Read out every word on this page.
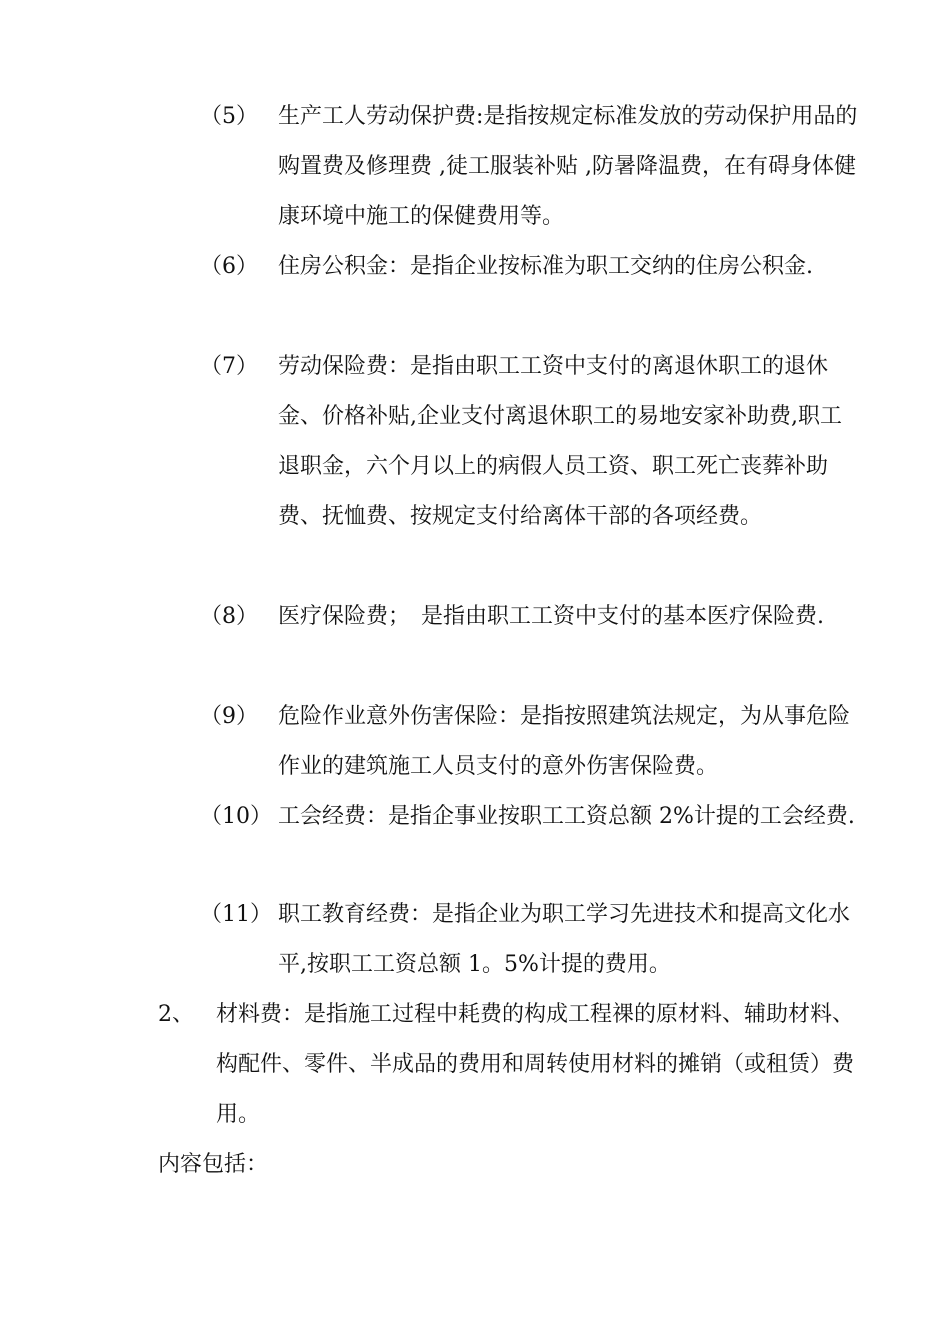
（5） 生产工人劳动保护费:是指按规定标准发放的劳动保护用品的购置费及修理费 ,徒工服装补贴 ,防暑降温费，在有碍身体健康环境中施工的保健费用等。
（6） 住房公积金：是指企业按标准为职工交纳的住房公积金.
（7） 劳动保险费：是指由职工工资中支付的离退休职工的退休金、价格补贴,企业支付离退休职工的易地安家补助费,职工退职金，六个月以上的病假人员工资、职工死亡丧葬补助费、抚恤费、按规定支付给离体干部的各项经费。
（8） 医疗保险费；　是指由职工工资中支付的基本医疗保险费.
（9） 危险作业意外伤害保险：是指按照建筑法规定，为从事危险作业的建筑施工人员支付的意外伤害保险费。
（10） 工会经费：是指企事业按职工工资总额 2%计提的工会经费.
（11） 职工教育经费：是指企业为职工学习先进技术和提高文化水平,按职工工资总额 1。5%计提的费用。
2、 材料费：是指施工过程中耗费的构成工程祼的原材料、辅助材料、构配件、零件、半成品的费用和周转使用材料的摊销（或租赁）费用。
内容包括：
